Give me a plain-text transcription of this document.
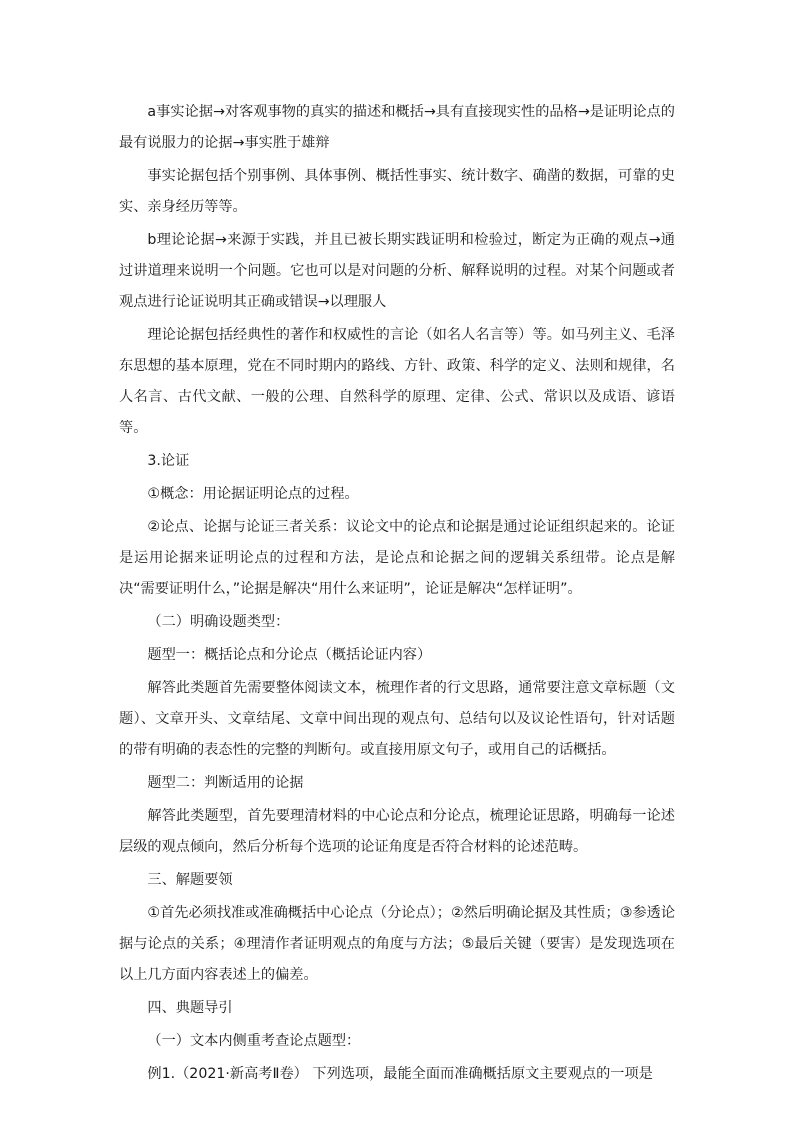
a事实论据→对客观事物的真实的描述和概括→具有直接现实性的品格→是证明论点的最有说服力的论据→事实胜于雄辩

事实论据包括个别事例、具体事例、概括性事实、统计数字、确凿的数据，可靠的史实、亲身经历等等。

b理论论据→来源于实践，并且已被长期实践证明和检验过，断定为正确的观点→通过讲道理来说明一个问题。它也可以是对问题的分析、解释说明的过程。对某个问题或者观点进行论证说明其正确或错误→以理服人

理论论据包括经典性的著作和权威性的言论（如名人名言等）等。如马列主义、毛泽东思想的基本原理，党在不同时期内的路线、方针、政策、科学的定义、法则和规律，名人名言、古代文献、一般的公理、自然科学的原理、定律、公式、常识以及成语、谚语等。

3.论证

①概念：用论据证明论点的过程。

②论点、论据与论证三者关系：议论文中的论点和论据是通过论证组织起来的。论证是运用论据来证明论点的过程和方法，是论点和论据之间的逻辑关系纽带。论点是解决“需要证明什么，”论据是解决“用什么来证明”，论证是解决“怎样证明”。

（二）明确设题类型：

题型一：概括论点和分论点（概括论证内容）

解答此类题首先需要整体阅读文本，梳理作者的行文思路，通常要注意文章标题（文题）、文章开头、文章结尾、文章中间出现的观点句、总结句以及议论性语句，针对话题的带有明确的表态性的完整的判断句。或直接用原文句子，或用自己的话概括。

题型二：判断适用的论据

解答此类题型，首先要理清材料的中心论点和分论点，梳理论证思路，明确每一论述层级的观点倾向，然后分析每个选项的论证角度是否符合材料的论述范畴。

三、解题要领

①首先必须找准或准确概括中心论点（分论点）；②然后明确论据及其性质；③参透论据与论点的关系；④理清作者证明观点的角度与方法；⑤最后关键（要害）是发现选项在以上几方面内容表述上的偏差。

四、典题导引

（一）文本内侧重考查论点题型：

例1.（2021·新高考Ⅱ卷） 下列选项，最能全面而准确概括原文主要观点的一项是
